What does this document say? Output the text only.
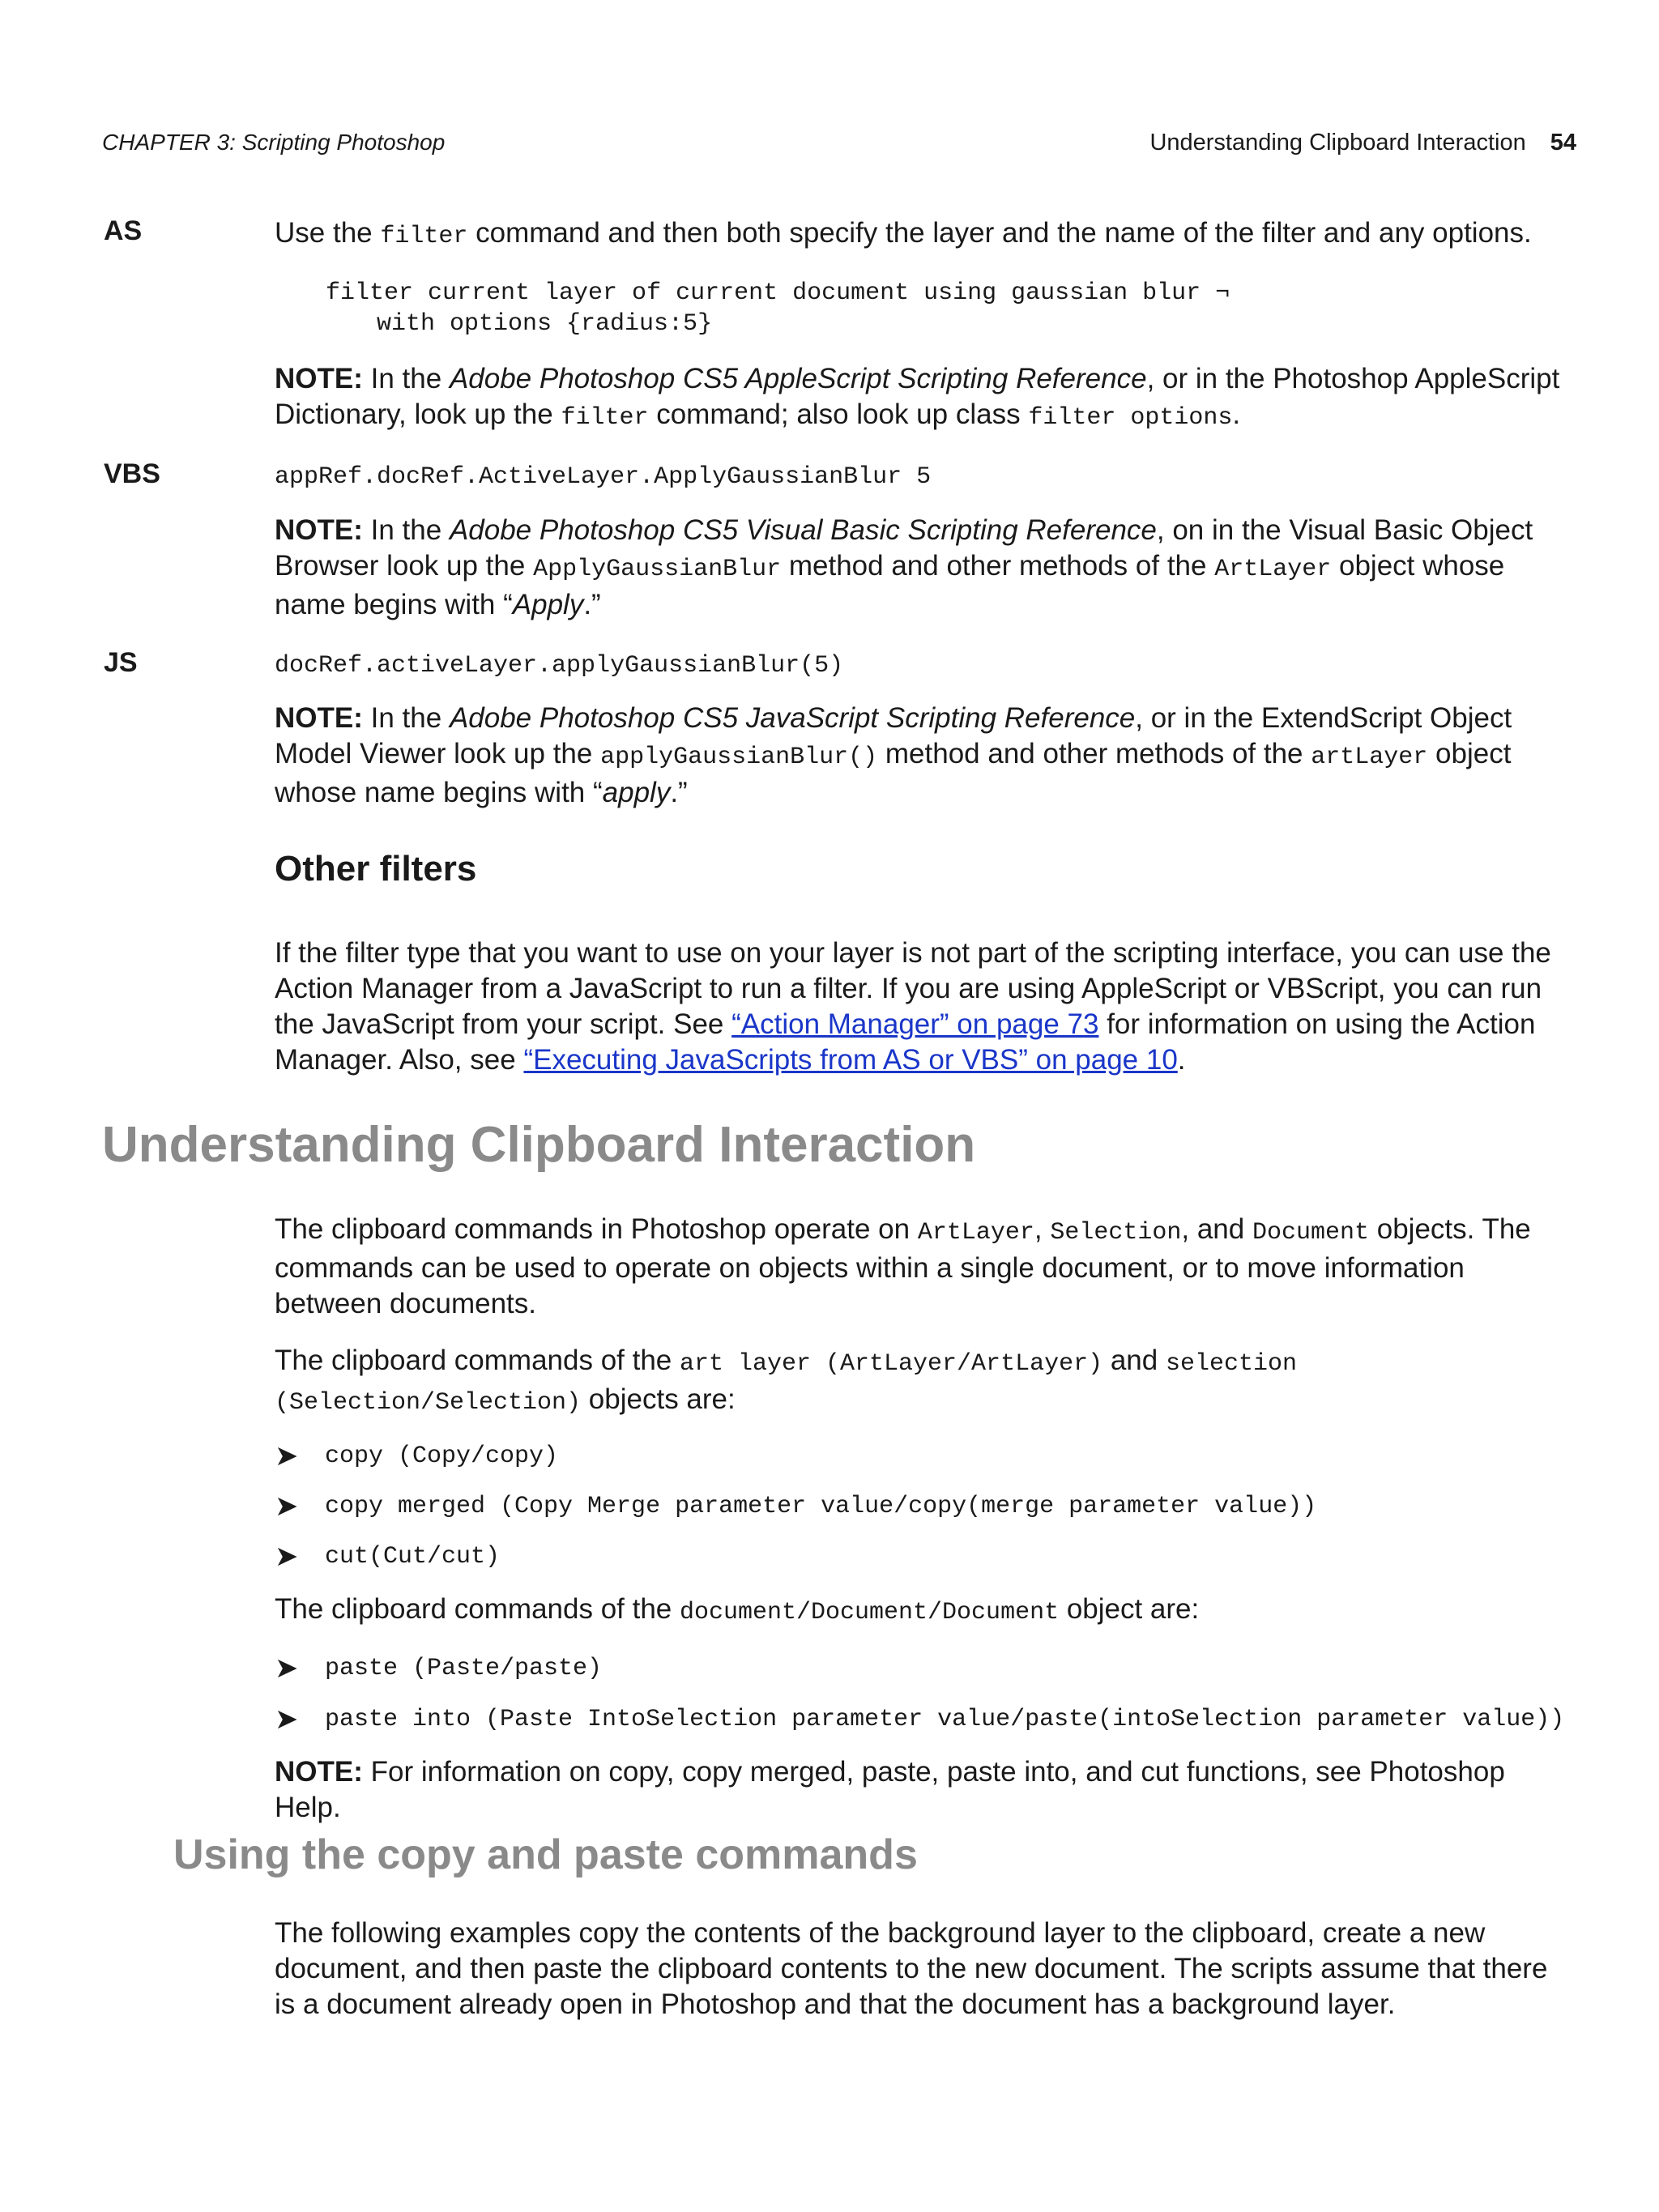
CHAPTER 3: Scripting Photoshop	Understanding Clipboard Interaction 54
AS	Use the filter command and then both specify the layer and the name of the filter and any options.
filter current layer of current document using gaussian blur ¬
with options {radius:5}
NOTE: In the Adobe Photoshop CS5 AppleScript Scripting Reference, or in the Photoshop AppleScript Dictionary, look up the filter command; also look up class filter options.
VBS	appRef.docRef.ActiveLayer.ApplyGaussianBlur 5
NOTE: In the Adobe Photoshop CS5 Visual Basic Scripting Reference, on in the Visual Basic Object Browser look up the ApplyGaussianBlur method and other methods of the ArtLayer object whose name begins with “Apply.”
JS	docRef.activeLayer.applyGaussianBlur(5)
NOTE: In the Adobe Photoshop CS5 JavaScript Scripting Reference, or in the ExtendScript Object Model Viewer look up the applyGaussianBlur() method and other methods of the artLayer object whose name begins with “apply.”
Other filters
If the filter type that you want to use on your layer is not part of the scripting interface, you can use the Action Manager from a JavaScript to run a filter. If you are using AppleScript or VBScript, you can run the JavaScript from your script. See “Action Manager” on page 73 for information on using the Action Manager. Also, see “Executing JavaScripts from AS or VBS” on page 10.
Understanding Clipboard Interaction
The clipboard commands in Photoshop operate on ArtLayer, Selection, and Document objects. The commands can be used to operate on objects within a single document, or to move information between documents.
The clipboard commands of the art layer (ArtLayer/ArtLayer) and selection (Selection/Selection) objects are:
➤	copy (Copy/copy)
➤	copy merged (Copy Merge parameter value/copy(merge parameter value))
➤	cut(Cut/cut)
The clipboard commands of the document/Document/Document object are:
➤	paste (Paste/paste)
➤	paste into (Paste IntoSelection parameter value/paste(intoSelection parameter value))
NOTE: For information on copy, copy merged, paste, paste into, and cut functions, see Photoshop Help.
Using the copy and paste commands
The following examples copy the contents of the background layer to the clipboard, create a new document, and then paste the clipboard contents to the new document. The scripts assume that there is a document already open in Photoshop and that the document has a background layer.
